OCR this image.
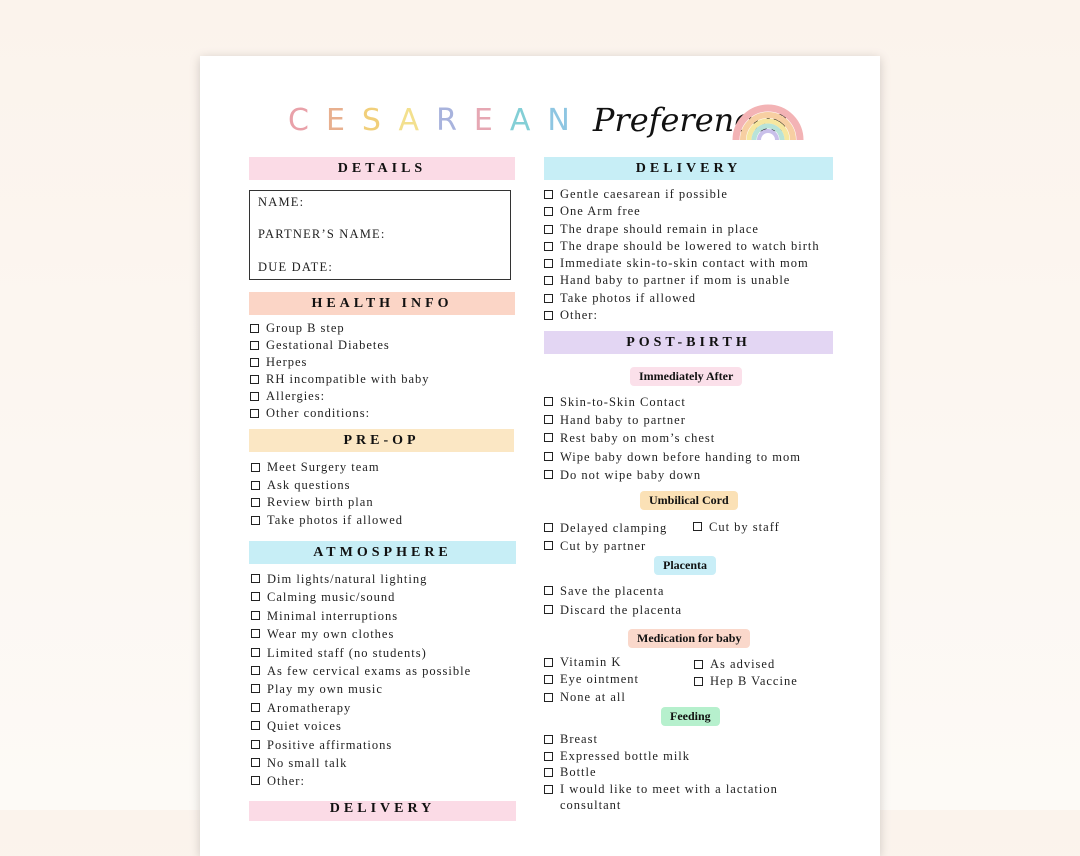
CESAREAN Preferences
DETAILS
NAME:
PARTNER’S NAME:
DUE DATE:
HEALTH INFO
Group B step
Gestational Diabetes
Herpes
RH incompatible with baby
Allergies:
Other conditions:
PRE-OP
Meet Surgery team
Ask questions
Review birth plan
Take photos if allowed
ATMOSPHERE
Dim lights/natural lighting
Calming music/sound
Minimal interruptions
Wear my own clothes
Limited staff (no students)
As few cervical exams as possible
Play my own music
Aromatherapy
Quiet voices
Positive affirmations
No small talk
Other:
DELIVERY
DELIVERY
Gentle caesarean if possible
One Arm free
The drape should remain in place
The drape should be lowered to watch birth
Immediate skin-to-skin contact with mom
Hand baby to partner if mom is unable
Take photos if allowed
Other:
POST-BIRTH
Immediately After
Skin-to-Skin Contact
Hand baby to partner
Rest baby on mom’s chest
Wipe baby down before handing to mom
Do not wipe baby down
Umbilical Cord
Delayed clamping
Cut by partner
Cut by staff
Placenta
Save the placenta
Discard the placenta
Medication for baby
Vitamin K
Eye ointment
None at all
As advised
Hep B Vaccine
Feeding
Breast
Expressed bottle milk
Bottle
I would like to meet with a lactation
consultant
